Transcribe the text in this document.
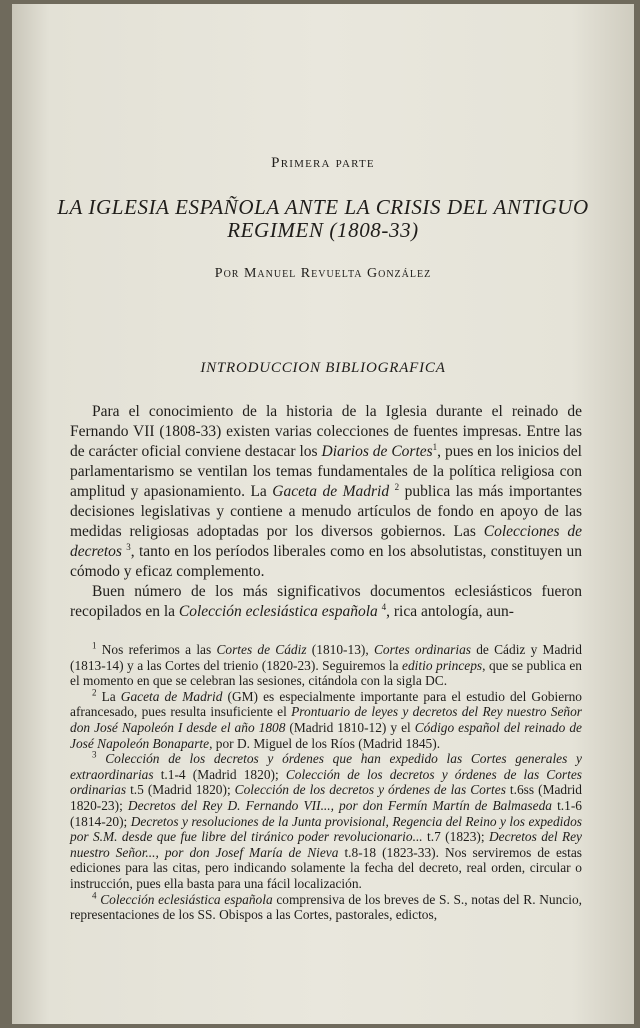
Primera parte
LA IGLESIA ESPAÑOLA ANTE LA CRISIS DEL ANTIGUO REGIMEN (1808-33)
Por Manuel Revuelta González
INTRODUCCION BIBLIOGRAFICA

Para el conocimiento de la historia de la Iglesia durante el reinado de Fernando VII (1808-33) existen varias colecciones de fuentes impresas. Entre las de carácter oficial conviene destacar los Diarios de Cortes$^1$, pues en los inicios del parlamentarismo se ventilan los temas fundamentales de la política religiosa con amplitud y apasionamiento. La Gaceta de Madrid $^2$ publica las más importantes decisiones legislativas y contiene a menudo artículos de fondo en apoyo de las medidas religiosas adoptadas por los diversos gobiernos. Las Colecciones de decretos $^3$, tanto en los períodos liberales como en los absolutistas, constituyen un cómodo y eficaz complemento.

Buen número de los más significativos documentos eclesiásticos fueron recopilados en la Colección eclesiástica española $^4$, rica antología, aun-

$^1$ Nos referimos a las Cortes de Cádiz (1810-13), Cortes ordinarias de Cádiz y Madrid (1813-14) y a las Cortes del trienio (1820-23). Seguiremos la editio princeps, que se publica en el momento en que se celebran las sesiones, citándola con la sigla DC.

$^2$ La Gaceta de Madrid (GM) es especialmente importante para el estudio del Gobierno afrancesado, pues resulta insuficiente el Prontuario de leyes y decretos del Rey nuestro Señor don José Napoleón I desde el año 1808 (Madrid 1810-12) y el Código español del reinado de José Napoleón Bonaparte, por D. Miguel de los Ríos (Madrid 1845).

$^3$ Colección de los decretos y órdenes que han expedido las Cortes generales y extraordinarias t.1-4 (Madrid 1820); Colección de los decretos y órdenes de las Cortes ordinarias t.5 (Madrid 1820); Colección de los decretos y órdenes de las Cortes t.6ss (Madrid 1820-23); Decretos del Rey D. Fernando VII..., por don Fermín Martín de Balmaseda t.1-6 (1814-20); Decretos y resoluciones de la Junta provisional, Regencia del Reino y los expedidos por S.M. desde que fue libre del tiránico poder revolucionario... t.7 (1823); Decretos del Rey nuestro Señor..., por don Josef María de Nieva t.8-18 (1823-33). Nos serviremos de estas ediciones para las citas, pero indicando solamente la fecha del decreto, real orden, circular o instrucción, pues ella basta para una fácil localización.

$^4$ Colección eclesiástica española comprensiva de los breves de S. S., notas del R. Nuncio, representaciones de los SS. Obispos a las Cortes, pastorales, edictos,
